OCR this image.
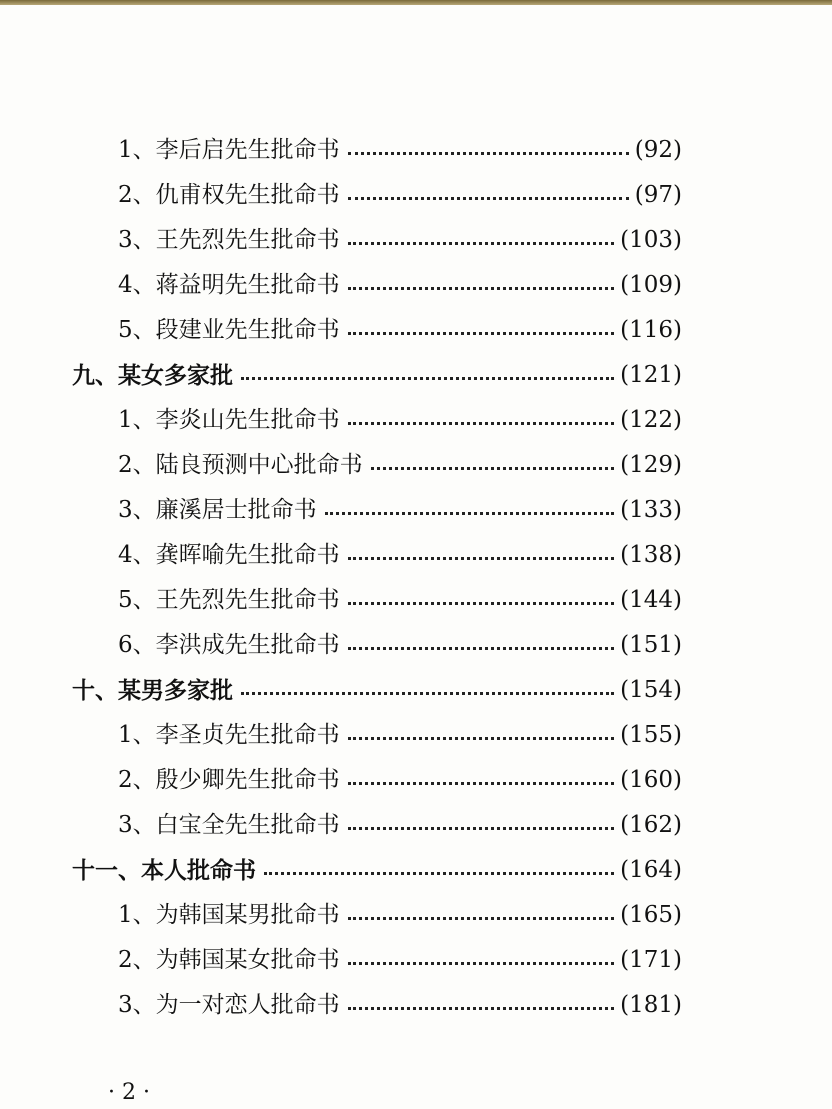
1、李后启先生批命书	(92)
2、仇甫权先生批命书	(97)
3、王先烈先生批命书	(103)
4、蒋益明先生批命书	(109)
5、段建业先生批命书	(116)
九、某女多家批	(121)
1、李炎山先生批命书	(122)
2、陆良预测中心批命书	(129)
3、廉溪居士批命书	(133)
4、龚晖喻先生批命书	(138)
5、王先烈先生批命书	(144)
6、李洪成先生批命书	(151)
十、某男多家批	(154)
1、李圣贞先生批命书	(155)
2、殷少卿先生批命书	(160)
3、白宝全先生批命书	(162)
十一、本人批命书	(164)
1、为韩国某男批命书	(165)
2、为韩国某女批命书	(171)
3、为一对恋人批命书	(181)
· 2 ·
